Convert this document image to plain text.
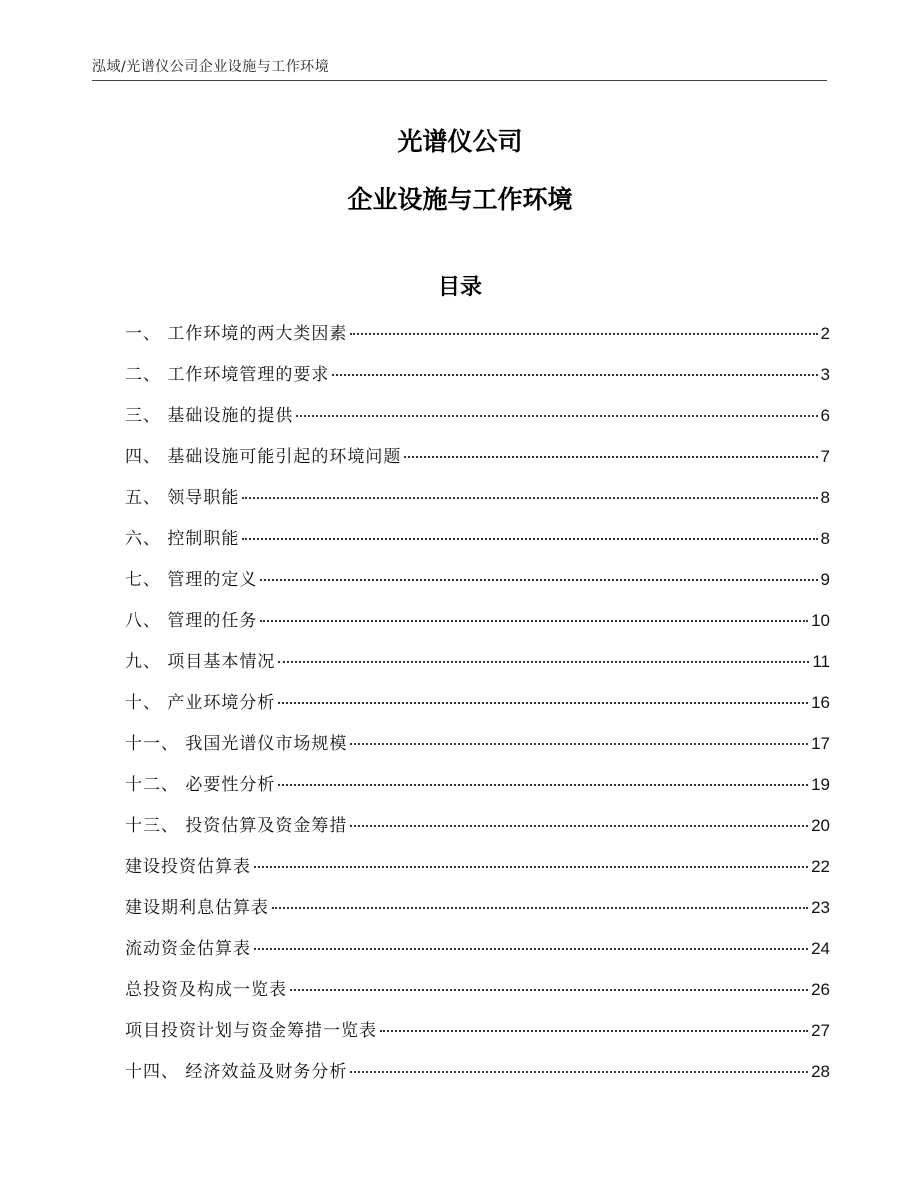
泓域/光谱仪公司企业设施与工作环境
光谱仪公司
企业设施与工作环境
目录
一、 工作环境的两大类因素	2
二、 工作环境管理的要求	3
三、 基础设施的提供	6
四、 基础设施可能引起的环境问题	7
五、 领导职能	8
六、 控制职能	8
七、 管理的定义	9
八、 管理的任务	10
九、 项目基本情况	11
十、 产业环境分析	16
十一、 我国光谱仪市场规模	17
十二、 必要性分析	19
十三、 投资估算及资金筹措	20
建设投资估算表	22
建设期利息估算表	23
流动资金估算表	24
总投资及构成一览表	26
项目投资计划与资金筹措一览表	27
十四、 经济效益及财务分析	28
